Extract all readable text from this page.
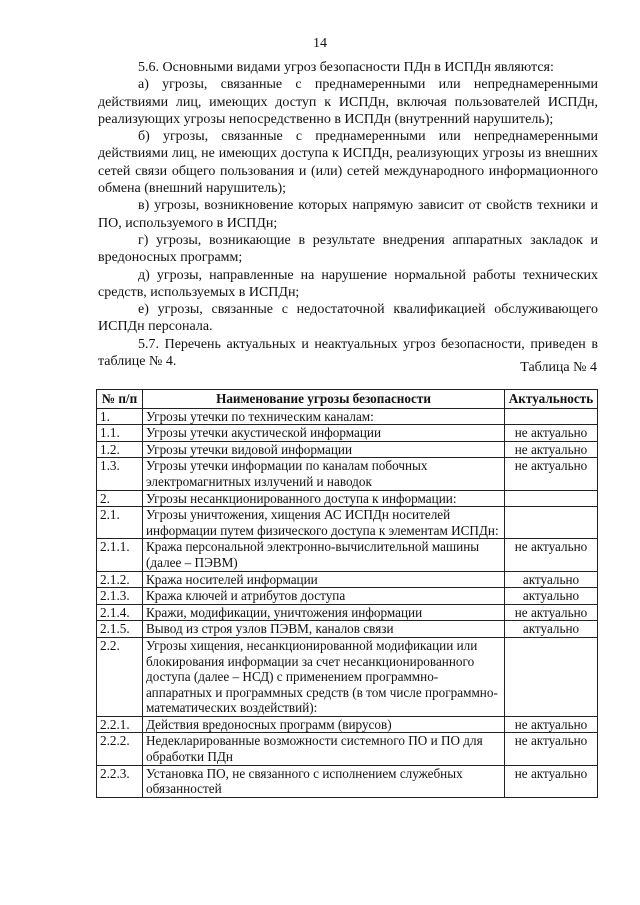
14

5.6. Основными видами угроз безопасности ПДн в ИСПДн являются:

а) угрозы, связанные с преднамеренными или непреднамеренными действиями лиц, имеющих доступ к ИСПДн, включая пользователей ИСПДн, реализующих угрозы непосредственно в ИСПДн (внутренний нарушитель);

б) угрозы, связанные с преднамеренными или непреднамеренными действиями лиц, не имеющих доступа к ИСПДн, реализующих угрозы из внешних сетей связи общего пользования и (или) сетей международного информационного обмена (внешний нарушитель);

в) угрозы, возникновение которых напрямую зависит от свойств техники и ПО, используемого в ИСПДн;

г) угрозы, возникающие в результате внедрения аппаратных закладок и вредоносных программ;

д) угрозы, направленные на нарушение нормальной работы технических средств, используемых в ИСПДн;

е) угрозы, связанные с недостаточной квалификацией обслуживающего ИСПДн персонала.

5.7. Перечень актуальных и неактуальных угроз безопасности, приведен в таблице № 4.	Таблица № 4
№ п/п	Наименование угрозы безопасности	Актуальность
1.	Угрозы утечки по техническим каналам:	
1.1.	Угрозы утечки акустической информации	не актуально
1.2.	Угрозы утечки видовой информации	не актуально
1.3.	Угрозы утечки информации по каналам побочных электромагнитных излучений и наводок	не актуально
2.	Угрозы несанкционированного доступа к информации:	
2.1.	Угрозы уничтожения, хищения АС ИСПДн носителей информации путем физического доступа к элементам ИСПДн:	
2.1.1.	Кража персональной электронно-вычислительной машины (далее – ПЭВМ)	не актуально
2.1.2.	Кража носителей информации	актуально
2.1.3.	Кража ключей и атрибутов доступа	актуально
2.1.4.	Кражи, модификации, уничтожения информации	не актуально
2.1.5.	Вывод из строя узлов ПЭВМ, каналов связи	актуально
2.2.	Угрозы хищения, несанкционированной модификации или блокирования информации за счет несанкционированного доступа (далее – НСД) с применением программно-аппаратных и программных средств (в том числе программно-математических воздействий):	
2.2.1.	Действия вредоносных программ (вирусов)	не актуально
2.2.2.	Недекларированные возможности системного ПО и ПО для обработки ПДн	не актуально
2.2.3.	Установка ПО, не связанного с исполнением служебных обязанностей	не актуально
